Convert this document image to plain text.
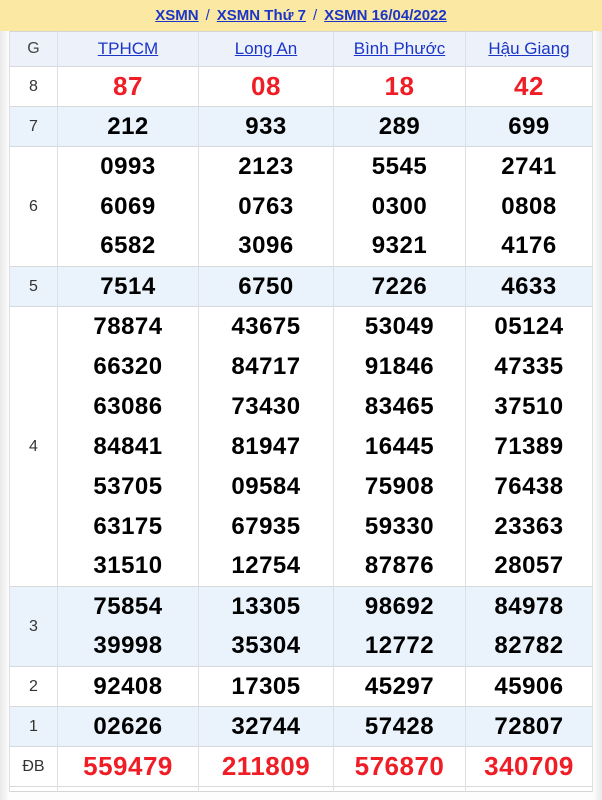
XSMN / XSMN Thứ 7 / XSMN 16/04/2022
G	TPHCM	Long An	Bình Phước	Hậu Giang
8	87	08	18	42
7	212	933	289	699
6	0993	2123	5545	2741
	6069	0763	0300	0808
	6582	3096	9321	4176
5	7514	6750	7226	4633
4	78874	43675	53049	05124
	66320	84717	91846	47335
	63086	73430	83465	37510
	84841	81947	16445	71389
	53705	09584	75908	76438
	63175	67935	59330	23363
	31510	12754	87876	28057
3	75854	13305	98692	84978
	39998	35304	12772	82782
2	92408	17305	45297	45906
1	02626	32744	57428	72807
ĐB	559479	211809	576870	340709
